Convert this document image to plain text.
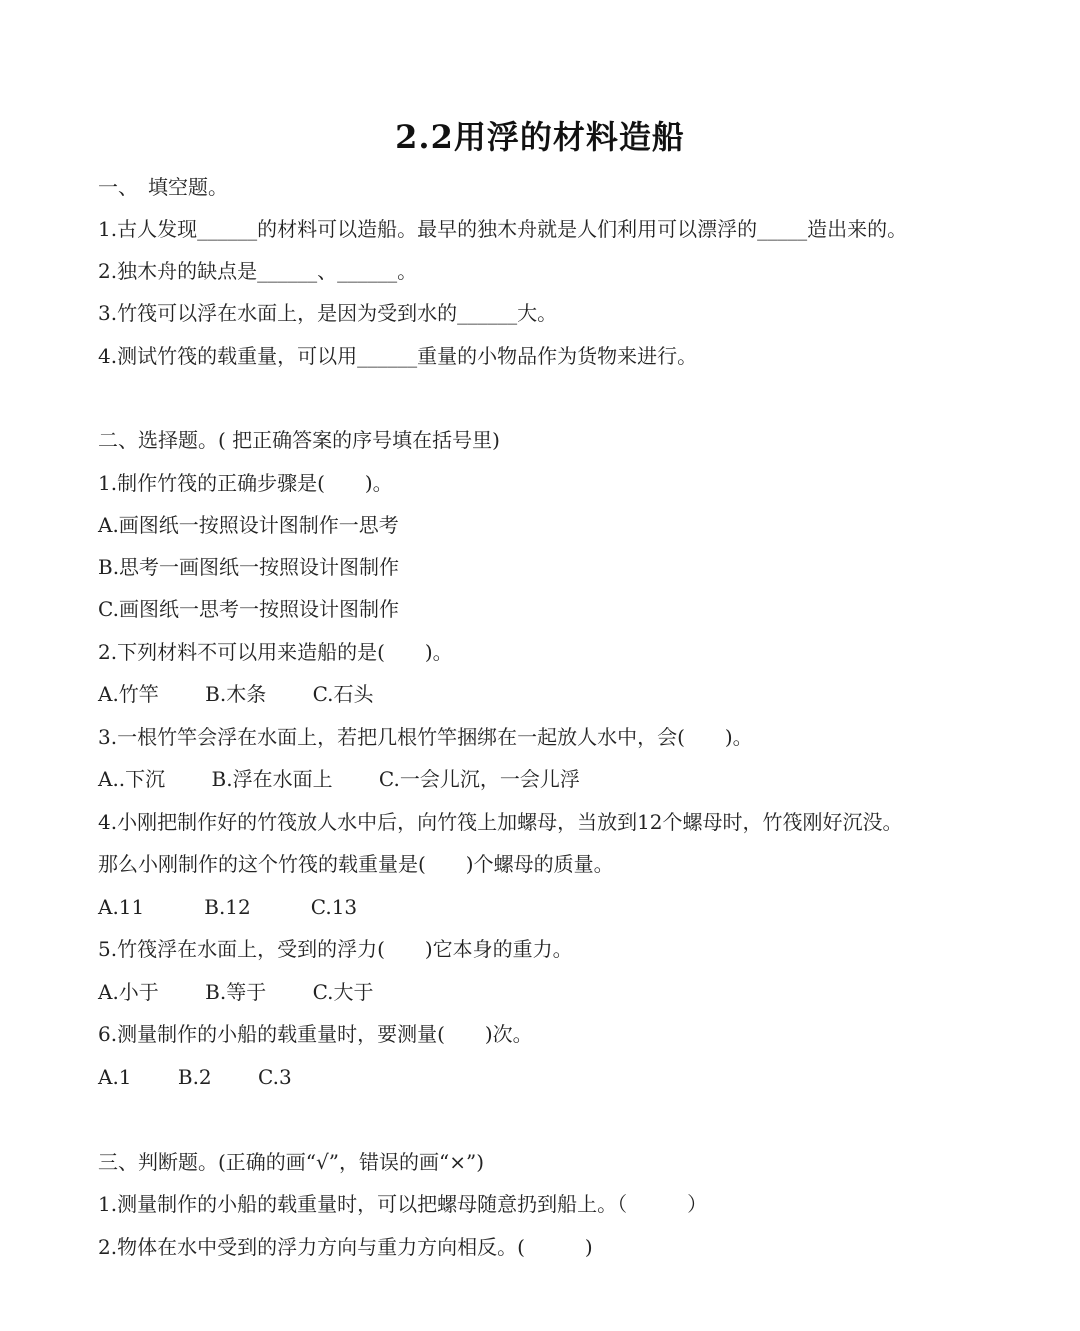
2.2用浮的材料造船
一、　填空题。
1.古人发现______的材料可以造船。最早的独木舟就是人们利用可以漂浮的_____造出来的。
2.独木舟的缺点是______、______。
3.竹筏可以浮在水面上，是因为受到水的______大。
4.测试竹筏的载重量，可以用______重量的小物品作为货物来进行。
二、选择题。( 把正确答案的序号填在括号里)
1.制作竹筏的正确步骤是(　　)。
A.画图纸一按照设计图制作一思考
B.思考一画图纸一按照设计图制作
C.画图纸一思考一按照设计图制作
2.下列材料不可以用来造船的是(　　)。
A.竹竿　　 B.木条　　 C.石头
3.一根竹竿会浮在水面上，若把几根竹竿捆绑在一起放人水中，会(　　)。
A..下沉　　 B.浮在水面上　　 C.一会儿沉，一会儿浮
4.小刚把制作好的竹筏放人水中后，向竹筏上加螺母，当放到12个螺母时，竹筏刚好沉没。
那么小刚制作的这个竹筏的载重量是(　　)个螺母的质量。
A.11　　　B.12　　　C.13
5.竹筏浮在水面上，受到的浮力(　　)它本身的重力。
A.小于　　 B.等于　　 C.大于
6.测量制作的小船的载重量时，要测量(　　)次。
A.1　　 B.2　　 C.3
三、判断题。(正确的画“√”，错误的画“×”)
1.测量制作的小船的载重量时，可以把螺母随意扔到船上。（　　　）
2.物体在水中受到的浮力方向与重力方向相反。(　　　)
